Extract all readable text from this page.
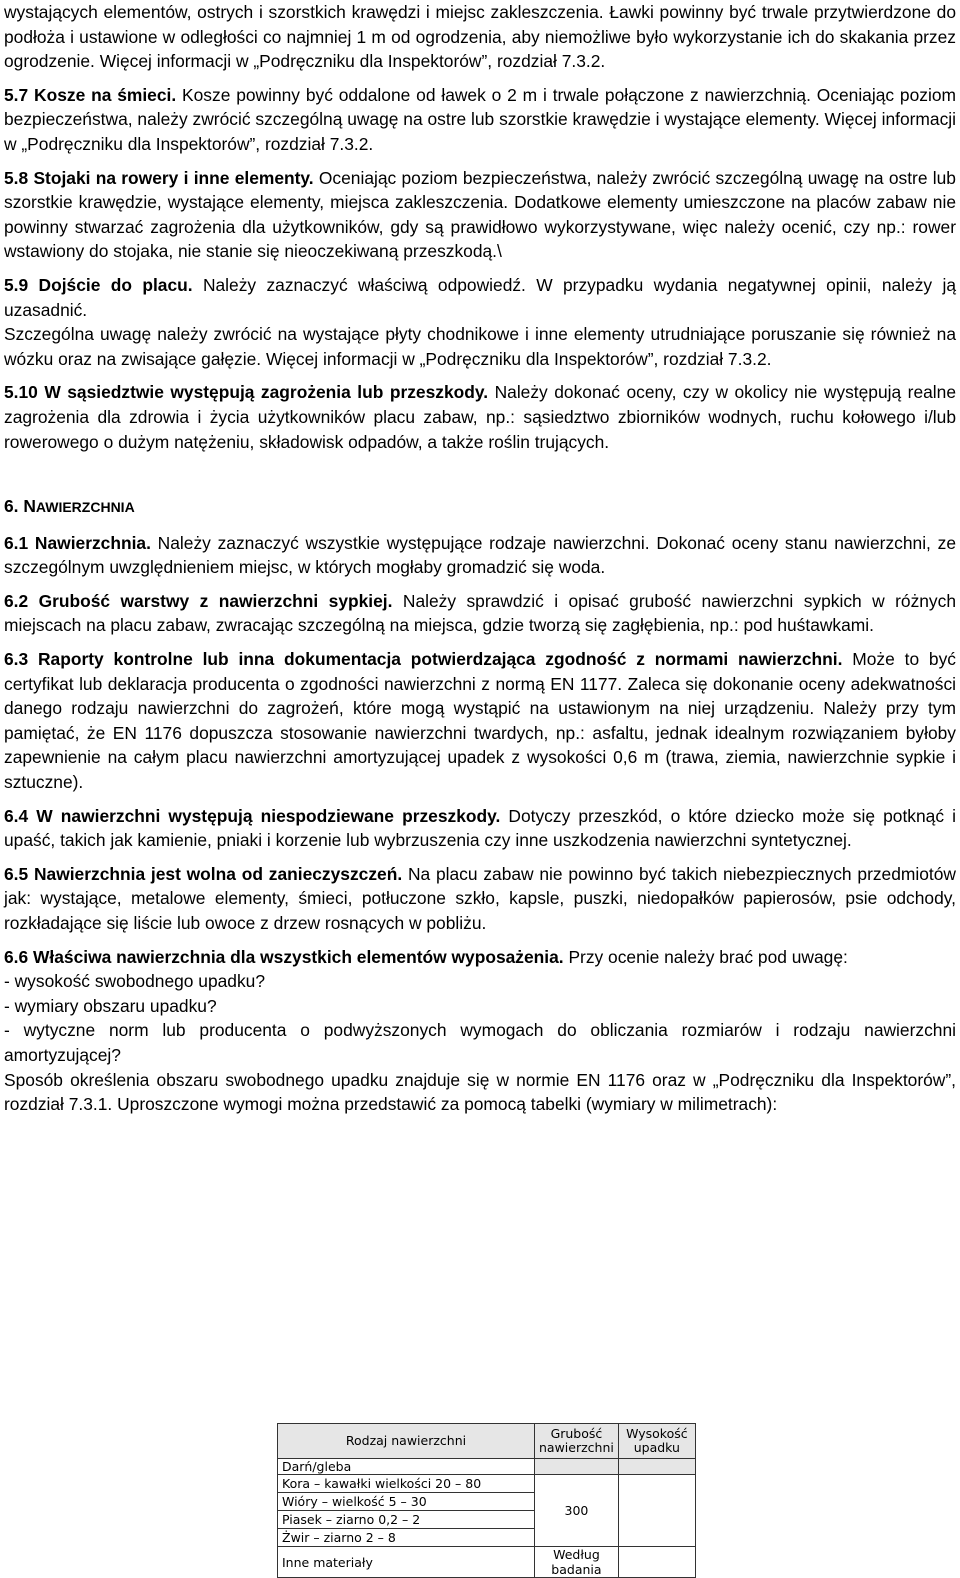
wystających elementów, ostrych i szorstkich krawędzi i miejsc zakleszczenia. Ławki powinny być trwale przytwierdzone do podłoża i ustawione w odległości co najmniej 1 m od ogrodzenia, aby niemożliwe było wykorzystanie ich do skakania przez ogrodzenie. Więcej informacji w „Podręczniku dla Inspektorów”, rozdział 7.3.2.

5.7 Kosze na śmieci. Kosze powinny być oddalone od ławek o 2 m i trwale połączone z nawierzchnią. Oceniając poziom bezpieczeństwa, należy zwrócić szczególną uwagę na ostre lub szorstkie krawędzie i wystające elementy. Więcej informacji w „Podręczniku dla Inspektorów”, rozdział 7.3.2.

5.8 Stojaki na rowery i inne elementy. Oceniając poziom bezpieczeństwa, należy zwrócić szczególną uwagę na ostre lub szorstkie krawędzie, wystające elementy, miejsca zakleszczenia. Dodatkowe elementy umieszczone na placów zabaw nie powinny stwarzać zagrożenia dla użytkowników, gdy są prawidłowo wykorzystywane, więc należy ocenić, czy np.: rower wstawiony do stojaka, nie stanie się nieoczekiwaną przeszkodą.\

5.9 Dojście do placu. Należy zaznaczyć właściwą odpowiedź. W przypadku wydania negatywnej opinii, należy ją uzasadnić.

Szczególna uwagę należy zwrócić na wystające płyty chodnikowe i inne elementy utrudniające poruszanie się również na wózku oraz na zwisające gałęzie. Więcej informacji w „Podręczniku dla Inspektorów”, rozdział 7.3.2.

5.10 W sąsiedztwie występują zagrożenia lub przeszkody. Należy dokonać oceny, czy w okolicy nie występują realne zagrożenia dla zdrowia i życia użytkowników placu zabaw, np.: sąsiedztwo zbiorników wodnych, ruchu kołowego i/lub rowerowego o dużym natężeniu, składowisk odpadów, a także roślin trujących.

6. NAWIERZCHNIA

6.1 Nawierzchnia. Należy zaznaczyć wszystkie występujące rodzaje nawierzchni. Dokonać oceny stanu nawierzchni, ze szczególnym uwzględnieniem miejsc, w których mogłaby gromadzić się woda.

6.2 Grubość warstwy z nawierzchni sypkiej. Należy sprawdzić i opisać grubość nawierzchni sypkich w różnych miejscach na placu zabaw, zwracając szczególną na miejsca, gdzie tworzą się zagłębienia, np.: pod huśtawkami.

6.3 Raporty kontrolne lub inna dokumentacja potwierdzająca zgodność z normami nawierzchni. Może to być certyfikat lub deklaracja producenta o zgodności nawierzchni z normą EN 1177. Zaleca się dokonanie oceny adekwatności danego rodzaju nawierzchni do zagrożeń, które mogą wystąpić na ustawionym na niej urządzeniu. Należy przy tym pamiętać, że EN 1176 dopuszcza stosowanie nawierzchni twardych, np.: asfaltu, jednak idealnym rozwiązaniem byłoby zapewnienie na całym placu nawierzchni amortyzującej upadek z wysokości 0,6 m (trawa, ziemia, nawierzchnie sypkie i sztuczne).

6.4 W nawierzchni występują niespodziewane przeszkody. Dotyczy przeszkód, o które dziecko może się potknąć i upaść, takich jak kamienie, pniaki i korzenie lub wybrzuszenia czy inne uszkodzenia nawierzchni syntetycznej.

6.5 Nawierzchnia jest wolna od zanieczyszczeń. Na placu zabaw nie powinno być takich niebezpiecznych przedmiotów jak: wystające, metalowe elementy, śmieci, potłuczone szkło, kapsle, puszki, niedopałków papierosów, psie odchody, rozkładające się liście lub owoce z drzew rosnących w pobliżu.

6.6 Właściwa nawierzchnia dla wszystkich elementów wyposażenia. Przy ocenie należy brać pod uwagę:

- wysokość swobodnego upadku?

- wymiary obszaru upadku?

- wytyczne norm lub producenta o podwyższonych wymogach do obliczania rozmiarów i rodzaju nawierzchni amortyzującej?

Sposób określenia obszaru swobodnego upadku znajduje się w normie EN 1176 oraz w „Podręczniku dla Inspektorów”, rozdział 7.3.1. Uproszczone wymogi można przedstawić za pomocą tabelki (wymiary w milimetrach):

Rodzaj nawierzchni	Grubość nawierzchni	Wysokość upadku
Darń/gleba		
Kora – kawałki wielkości 20 – 80	300	
Wióry – wielkość 5 – 30		
Piasek – ziarno 0,2 – 2		
Żwir – ziarno 2 – 8		
Inne materiały	Według badania	
